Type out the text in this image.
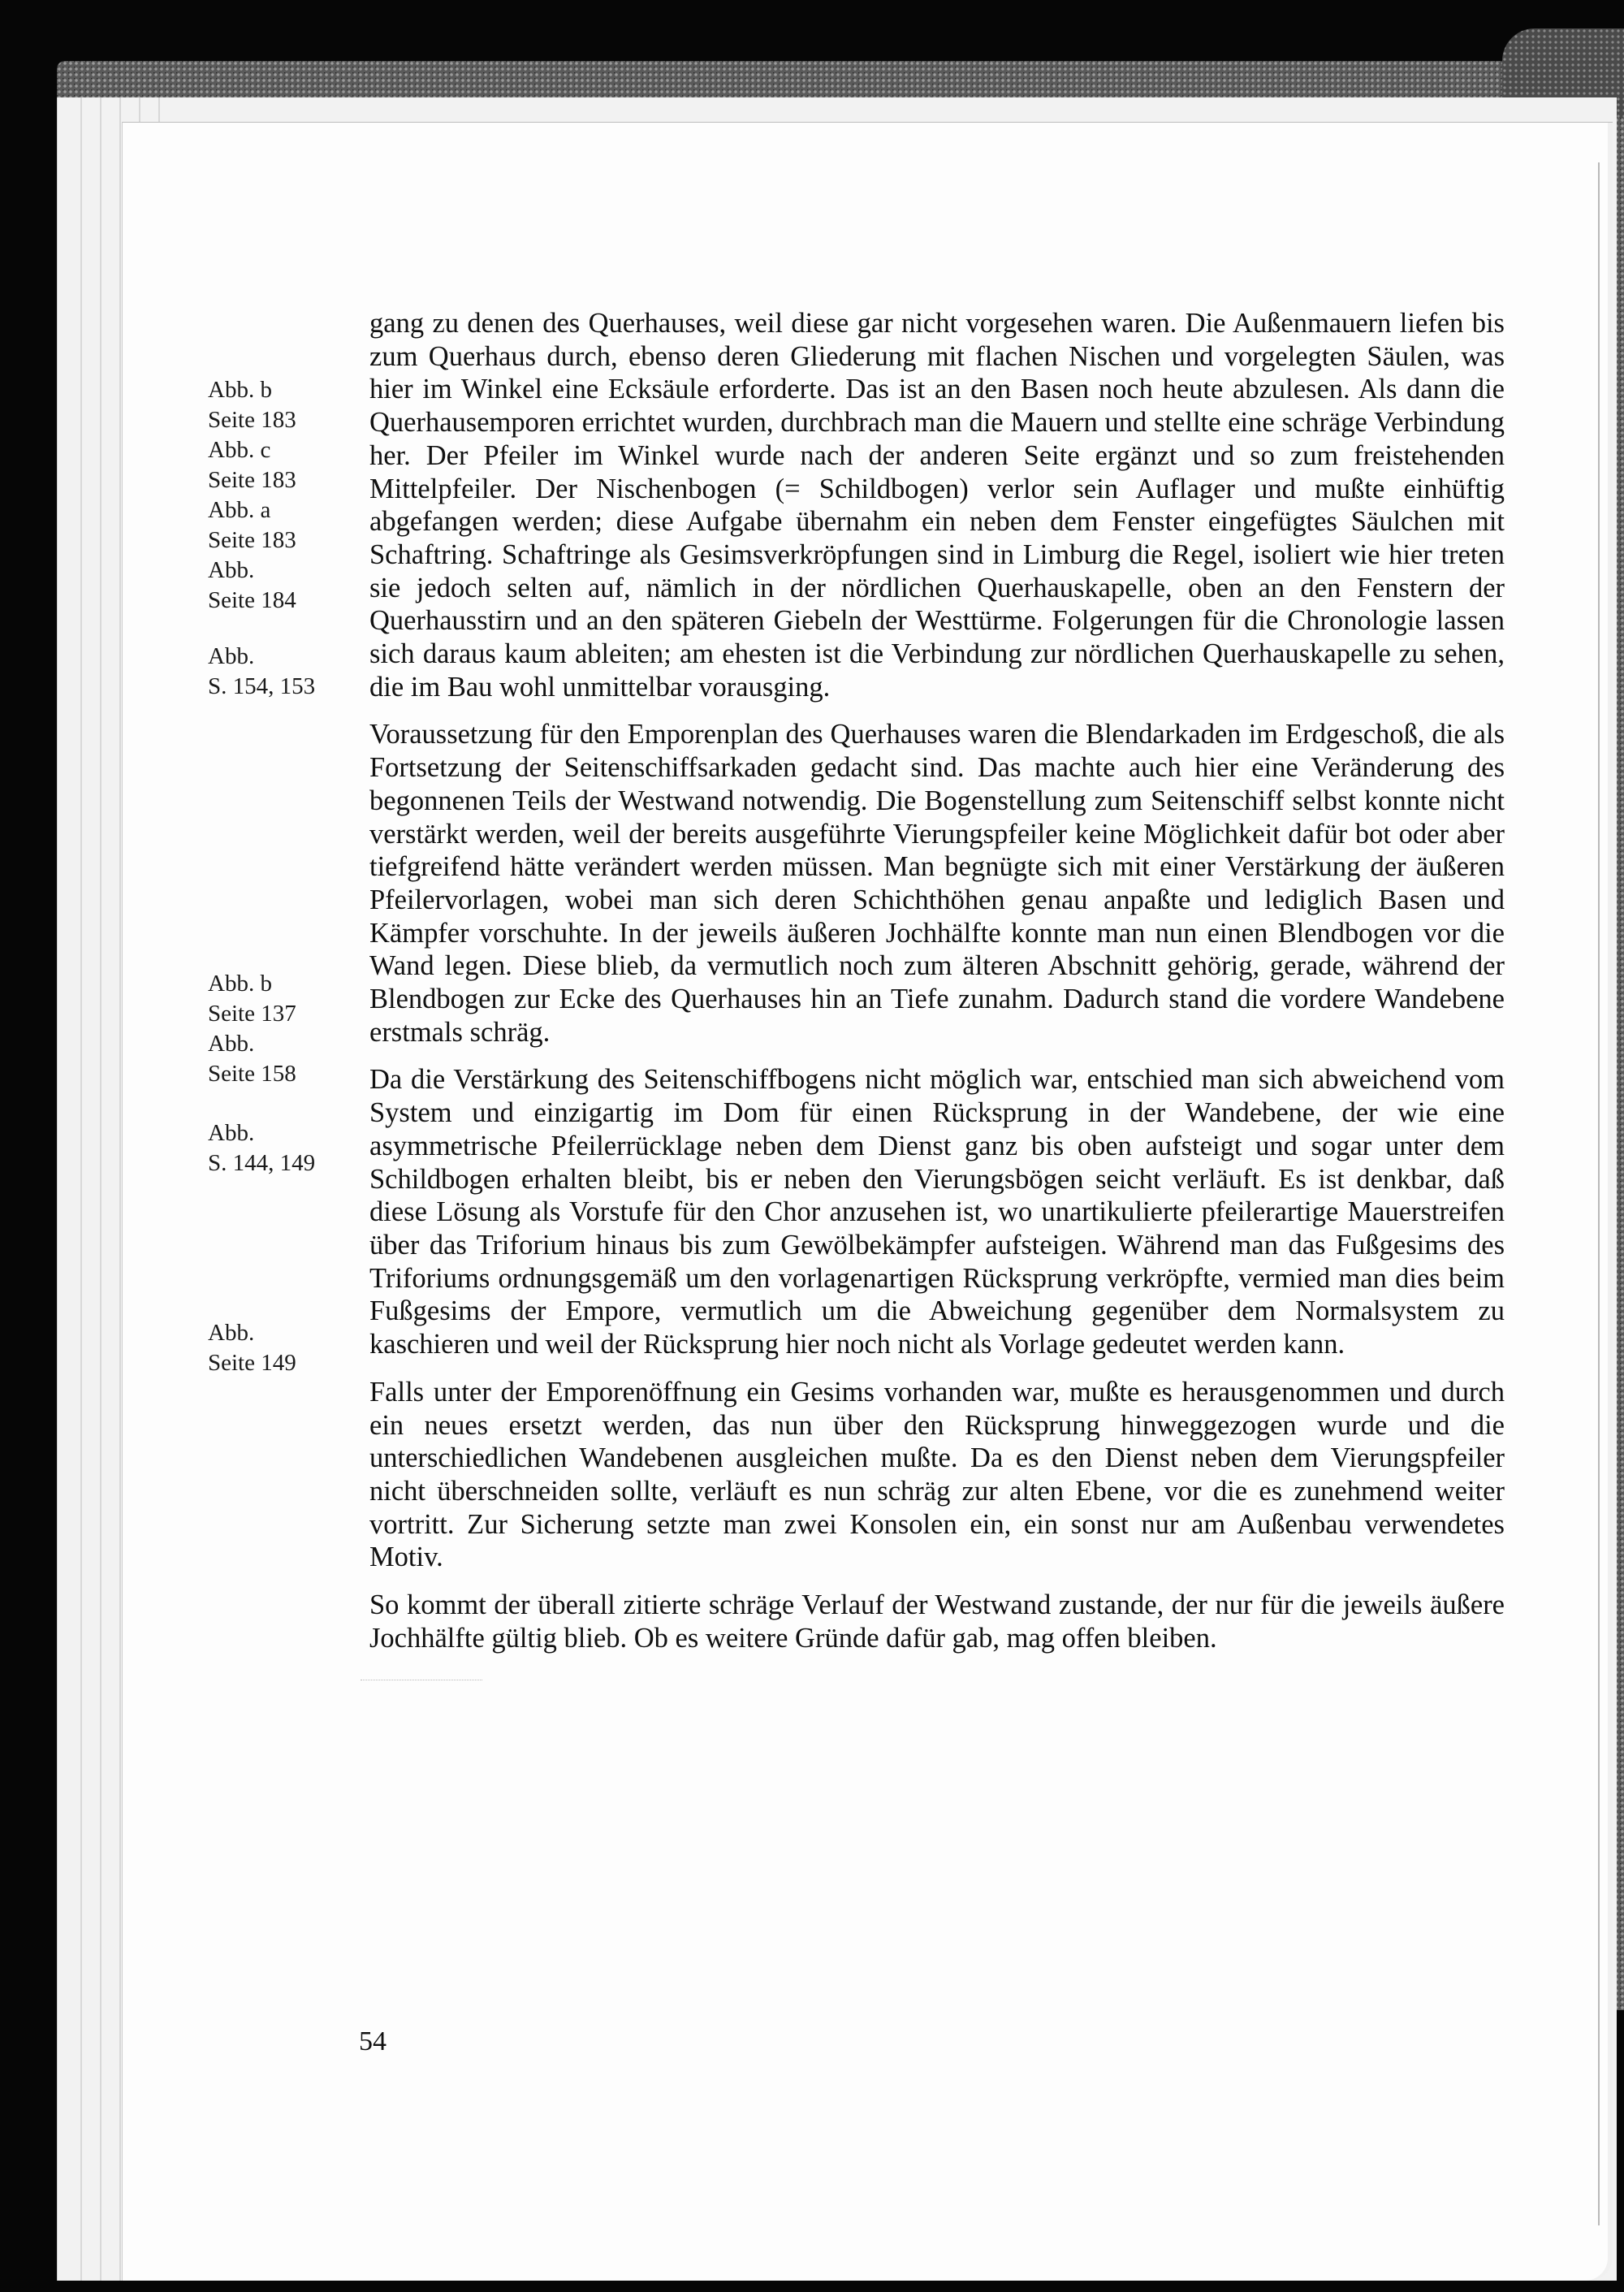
Abb. b
Seite 183
Abb. c
Seite 183
Abb. a
Seite 183
Abb.
Seite 184
Abb.
S. 154, 153
Abb. b
Seite 137
Abb.
Seite 158
Abb.
S. 144, 149
Abb.
Seite 149

gang zu denen des Querhauses, weil diese gar nicht vorgesehen waren. Die Außenmauern liefen bis zum Querhaus durch, ebenso deren Gliederung mit flachen Nischen und vorgelegten Säulen, was hier im Winkel eine Ecksäule erforderte. Das ist an den Basen noch heute abzulesen. Als dann die Querhausemporen errichtet wurden, durchbrach man die Mauern und stellte eine schräge Verbindung her. Der Pfeiler im Winkel wurde nach der anderen Seite ergänzt und so zum freistehenden Mittelpfeiler. Der Nischenbogen (= Schildbogen) verlor sein Auflager und mußte einhüftig abgefangen werden; diese Aufgabe übernahm ein neben dem Fenster eingefügtes Säulchen mit Schaftring. Schaftringe als Gesimsverkröpfungen sind in Limburg die Regel, isoliert wie hier treten sie jedoch selten auf, nämlich in der nördlichen Querhauskapelle, oben an den Fenstern der Querhausstirn und an den späteren Giebeln der Westtürme. Folgerungen für die Chronologie lassen sich daraus kaum ableiten; am ehesten ist die Verbindung zur nördlichen Querhauskapelle zu sehen, die im Bau wohl unmittelbar vorausging.

Voraussetzung für den Emporenplan des Querhauses waren die Blendarkaden im Erdgeschoß, die als Fortsetzung der Seitenschiffsarkaden gedacht sind. Das machte auch hier eine Veränderung des begonnenen Teils der Westwand notwendig. Die Bogenstellung zum Seitenschiff selbst konnte nicht verstärkt werden, weil der bereits ausgeführte Vierungspfeiler keine Möglichkeit dafür bot oder aber tiefgreifend hätte verändert werden müssen. Man begnügte sich mit einer Verstärkung der äußeren Pfeilervorlagen, wobei man sich deren Schichthöhen genau anpaßte und lediglich Basen und Kämpfer vorschuhte. In der jeweils äußeren Jochhälfte konnte man nun einen Blendbogen vor die Wand legen. Diese blieb, da vermutlich noch zum älteren Abschnitt gehörig, gerade, während der Blendbogen zur Ecke des Querhauses hin an Tiefe zunahm. Dadurch stand die vordere Wandebene erstmals schräg.

Da die Verstärkung des Seitenschiffbogens nicht möglich war, entschied man sich abweichend vom System und einzigartig im Dom für einen Rücksprung in der Wandebene, der wie eine asymmetrische Pfeilerrücklage neben dem Dienst ganz bis oben aufsteigt und sogar unter dem Schildbogen erhalten bleibt, bis er neben den Vierungsbögen seicht verläuft. Es ist denkbar, daß diese Lösung als Vorstufe für den Chor anzusehen ist, wo unartikulierte pfeilerartige Mauerstreifen über das Triforium hinaus bis zum Gewölbekämpfer aufsteigen. Während man das Fußgesims des Triforiums ordnungsgemäß um den vorlagenartigen Rücksprung verkröpfte, vermied man dies beim Fußgesims der Empore, vermutlich um die Abweichung gegenüber dem Normalsystem zu kaschieren und weil der Rücksprung hier noch nicht als Vorlage gedeutet werden kann.

Falls unter der Emporenöffnung ein Gesims vorhanden war, mußte es herausgenommen und durch ein neues ersetzt werden, das nun über den Rücksprung hinweggezogen wurde und die unterschiedlichen Wandebenen ausgleichen mußte. Da es den Dienst neben dem Vierungspfeiler nicht überschneiden sollte, verläuft es nun schräg zur alten Ebene, vor die es zunehmend weiter vortritt. Zur Sicherung setzte man zwei Konsolen ein, ein sonst nur am Außenbau verwendetes Motiv.

So kommt der überall zitierte schräge Verlauf der Westwand zustande, der nur für die jeweils äußere Jochhälfte gültig blieb. Ob es weitere Gründe dafür gab, mag offen bleiben.

54
